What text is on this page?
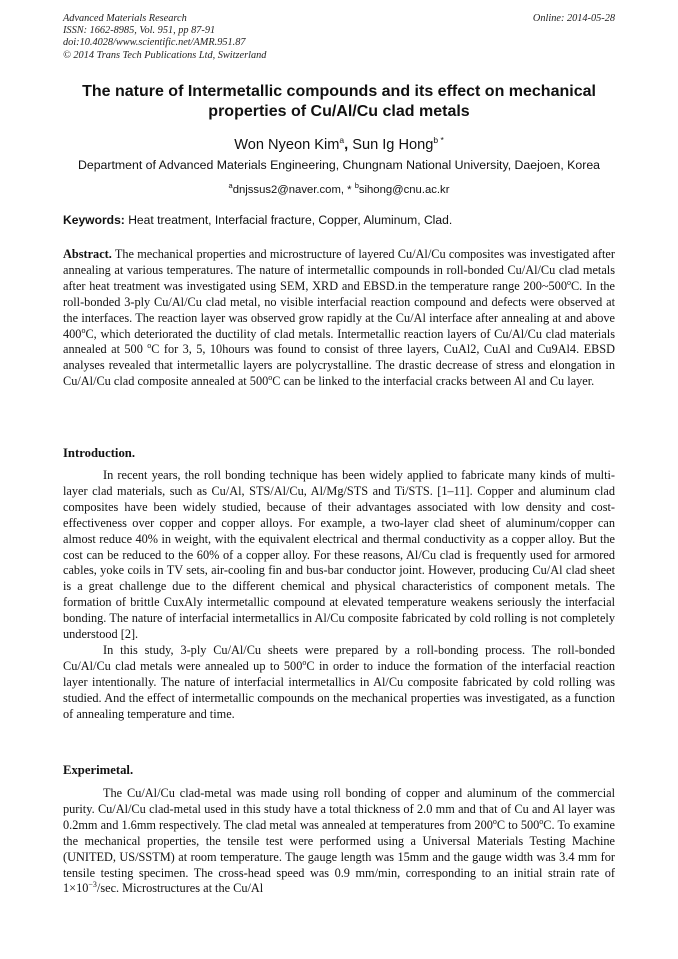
Advanced Materials Research
ISSN: 1662-8985, Vol. 951, pp 87-91
doi:10.4028/www.scientific.net/AMR.951.87
© 2014 Trans Tech Publications Ltd, Switzerland
Online: 2014-05-28
The nature of Intermetallic compounds and its effect on mechanical
properties of Cu/Al/Cu clad metals
Won Nyeon Kim$^a$, Sun Ig Hong$^{b *}$
Department of Advanced Materials Engineering, Chungnam National University, Daejoen, Korea
$^a$dnjssus2@naver.com, * $^b$sihong@cnu.ac.kr
Keywords: Heat treatment, Interfacial fracture, Copper, Aluminum, Clad.
Abstract. The mechanical properties and microstructure of layered Cu/Al/Cu composites was investigated after annealing at various temperatures. The nature of intermetallic compounds in roll-bonded Cu/Al/Cu clad metals after heat treatment was investigated using SEM, XRD and EBSD.in the temperature range 200~500$^o$C. In the roll-bonded 3-ply Cu/Al/Cu clad metal, no visible interfacial reaction compound and defects were observed at the interfaces. The reaction layer was observed grow rapidly at the Cu/Al interface after annealing at and above 400$^o$C, which deteriorated the ductility of clad metals. Intermetallic reaction layers of Cu/Al/Cu clad materials annealed at 500 $^o$C for 3, 5, 10hours was found to consist of three layers, CuAl2, CuAl and Cu9Al4. EBSD analyses revealed that intermetallic layers are polycrystalline. The drastic decrease of stress and elongation in Cu/Al/Cu clad composite annealed at 500$^o$C can be linked to the interfacial cracks between Al and Cu layer.
Introduction.

In recent years, the roll bonding technique has been widely applied to fabricate many kinds of multi-layer clad materials, such as Cu/Al, STS/Al/Cu, Al/Mg/STS and Ti/STS. [1–11]. Copper and aluminum clad composites have been widely studied, because of their advantages associated with low density and cost-effectiveness over copper and copper alloys. For example, a two-layer clad sheet of aluminum/copper can almost reduce 40% in weight, with the equivalent electrical and thermal conductivity as a copper alloy. But the cost can be reduced to the 60% of a copper alloy. For these reasons, Al/Cu clad is frequently used for armored cables, yoke coils in TV sets, air-cooling fin and bus-bar conductor joint. However, producing Cu/Al clad sheet is a great challenge due to the different chemical and physical characteristics of component metals. The formation of brittle CuxAly intermetallic compound at elevated temperature weakens seriously the interfacial bonding. The nature of interfacial intermetallics in Al/Cu composite fabricated by cold rolling is not completely understood [2].

In this study, 3-ply Cu/Al/Cu sheets were prepared by a roll-bonding process. The roll-bonded Cu/Al/Cu clad metals were annealed up to 500$^o$C in order to induce the formation of the interfacial reaction layer intentionally. The nature of interfacial intermetallics in Al/Cu composite fabricated by cold rolling was studied. And the effect of intermetallic compounds on the mechanical properties was investigated, as a function of annealing temperature and time.

Experimetal.

The Cu/Al/Cu clad-metal was made using roll bonding of copper and aluminum of the commercial purity. Cu/Al/Cu clad-metal used in this study have a total thickness of 2.0 mm and that of Cu and Al layer was 0.2mm and 1.6mm respectively. The clad metal was annealed at temperatures from 200$^o$C to 500$^o$C. To examine the mechanical properties, the tensile test were performed using a Universal Materials Testing Machine (UNITED, US/SSTM) at room temperature. The gauge length was 15mm and the gauge width was 3.4 mm for tensile testing specimen. The cross-head speed was 0.9 mm/min, corresponding to an initial strain rate of $1\times 10^{-3}/\sec$. Microstructures at the Cu/Al
